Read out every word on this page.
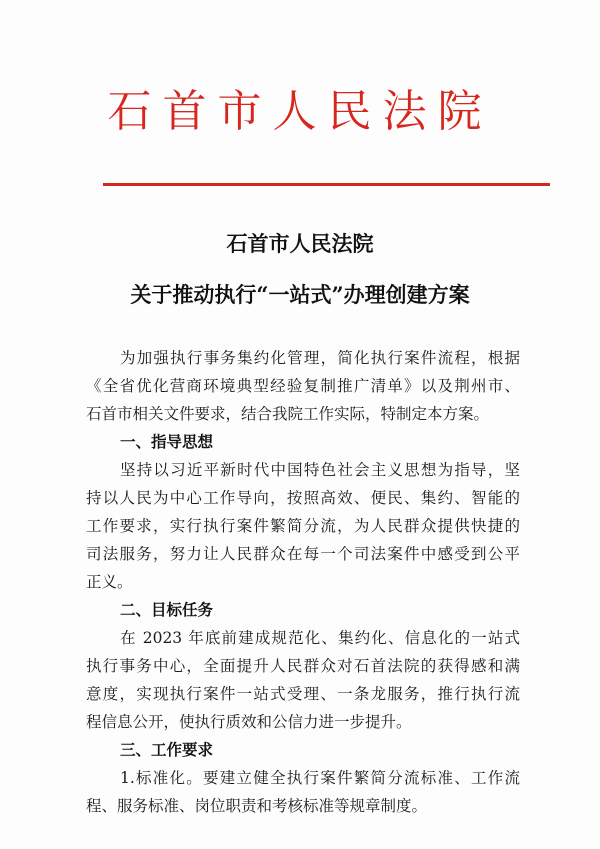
石首市人民法院
石首市人民法院
关于推动执行“一站式”办理创建方案
为加强执行事务集约化管理，简化执行案件流程，根据
《全省优化营商环境典型经验复制推广清单》以及荆州市、
石首市相关文件要求，结合我院工作实际，特制定本方案。
一、指导思想
坚持以习近平新时代中国特色社会主义思想为指导，坚
持以人民为中心工作导向，按照高效、便民、集约、智能的
工作要求，实行执行案件繁简分流，为人民群众提供快捷的
司法服务，努力让人民群众在每一个司法案件中感受到公平
正义。
二、目标任务
在 2023 年底前建成规范化、集约化、信息化的一站式
执行事务中心，全面提升人民群众对石首法院的获得感和满
意度，实现执行案件一站式受理、一条龙服务，推行执行流
程信息公开，使执行质效和公信力进一步提升。
三、工作要求
1.标准化。要建立健全执行案件繁简分流标准、工作流
程、服务标准、岗位职责和考核标准等规章制度。
